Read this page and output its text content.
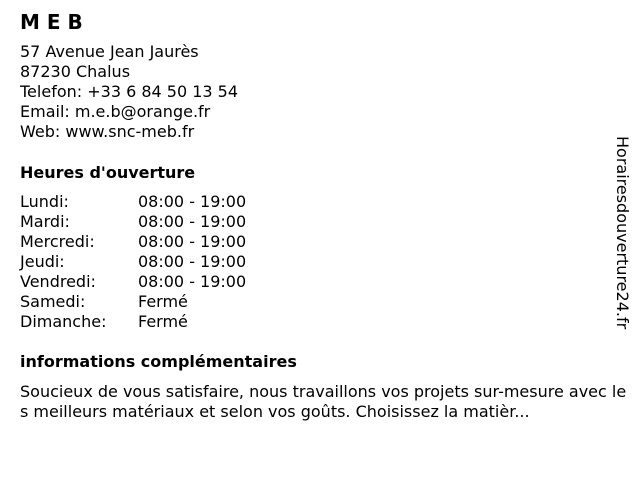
M E B
57 Avenue Jean Jaurès
87230 Chalus
Telefon: +33 6 84 50 13 54
Email: m.e.b@orange.fr
Web: www.snc-meb.fr
Heures d'ouverture
Lundi:	08:00 - 19:00
Mardi:	08:00 - 19:00
Mercredi:	08:00 - 19:00
Jeudi:	08:00 - 19:00
Vendredi:	08:00 - 19:00
Samedi:	Fermé
Dimanche:	Fermé
informations complémentaires
Soucieux de vous satisfaire, nous travaillons vos projets sur-mesure avec les meilleurs matériaux et selon vos goûts. Choisissez la matièr...
Horairesdouverture24.fr
